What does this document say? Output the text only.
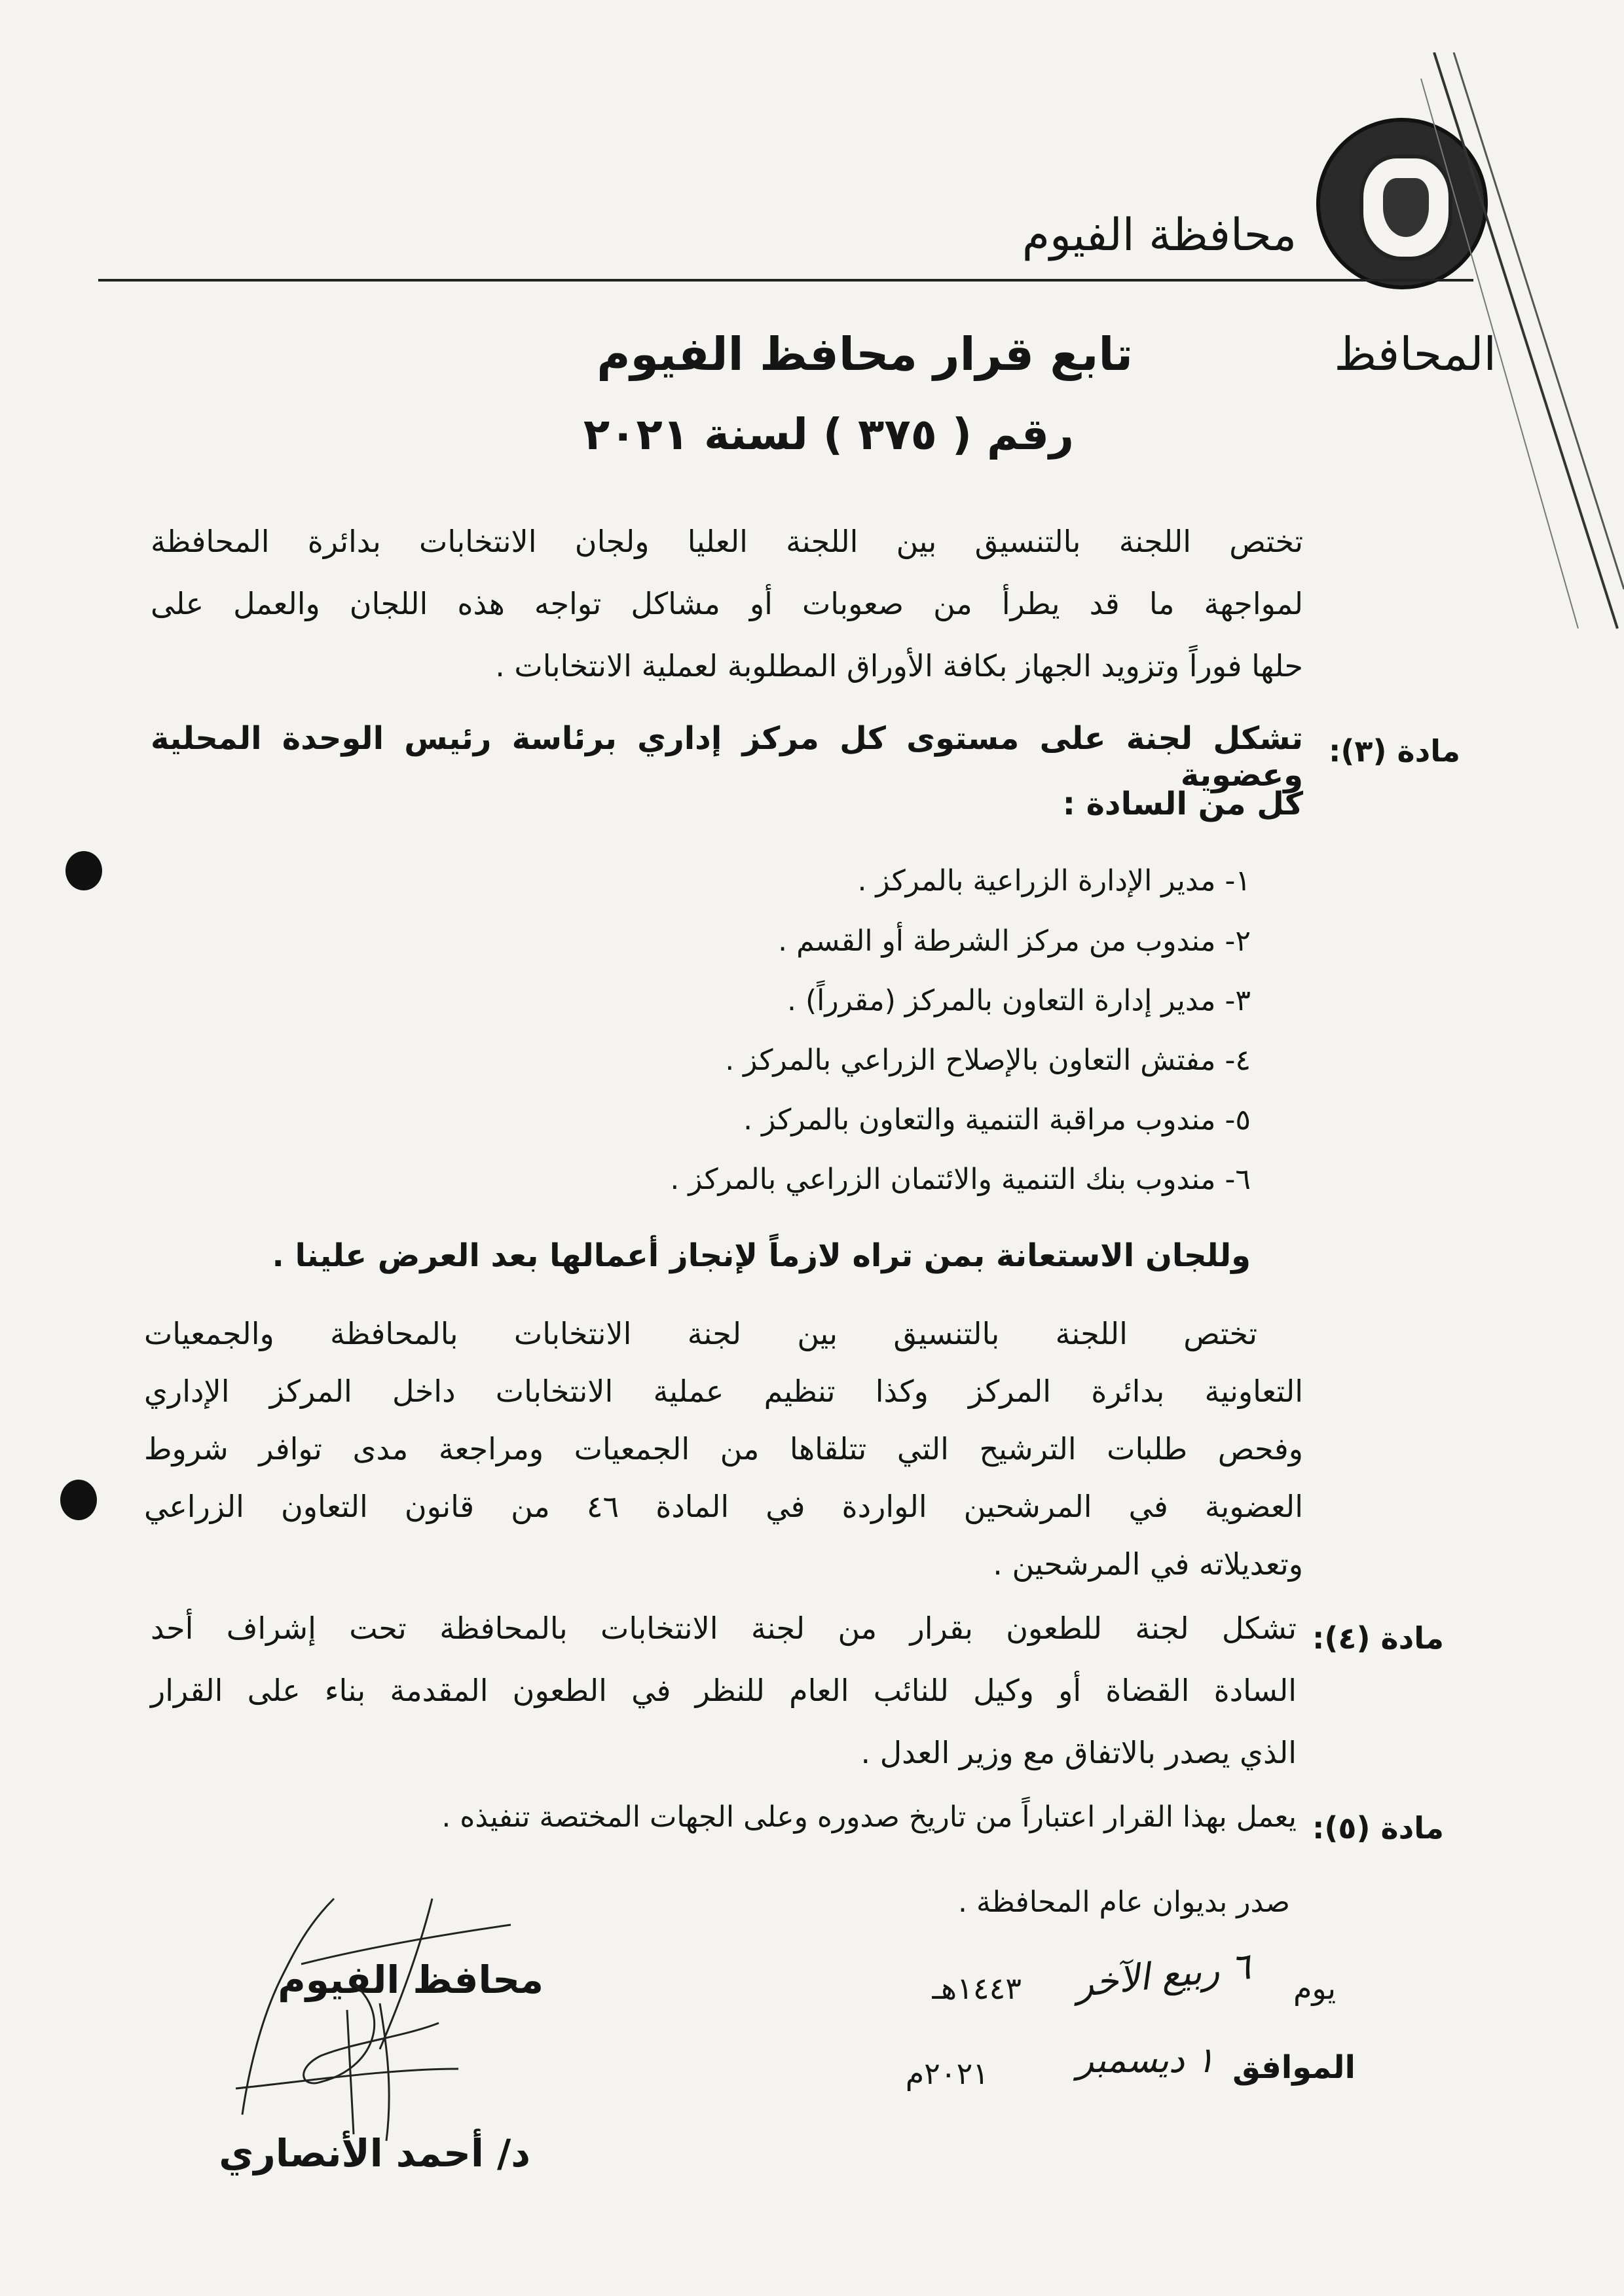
محافظة الفيوم
المحافظ
تابع قرار محافظ الفيوم
رقم ( ٣٧٥ ) لسنة ٢٠٢١
تختص اللجنة بالتنسيق بين اللجنة العليا ولجان الانتخابات بدائرة المحافظة
لمواجهة ما قد يطرأ من صعوبات أو مشاكل تواجه هذه اللجان والعمل على
حلها فوراً وتزويد الجهاز بكافة الأوراق المطلوبة لعملية الانتخابات .
مادة (٣):
تشكل لجنة على مستوى كل مركز إداري برئاسة رئيس الوحدة المحلية وعضوية
كل من السادة :
١- مدير الإدارة الزراعية بالمركز .
٢- مندوب من مركز الشرطة أو القسم .
٣- مدير إدارة التعاون بالمركز (مقرراً) .
٤- مفتش التعاون بالإصلاح الزراعي بالمركز .
٥- مندوب مراقبة التنمية والتعاون بالمركز .
٦- مندوب بنك التنمية والائتمان الزراعي بالمركز .
وللجان الاستعانة بمن تراه لازماً لإنجاز أعمالها بعد العرض علينا .
تختص اللجنة بالتنسيق بين لجنة الانتخابات بالمحافظة والجمعيات
التعاونية بدائرة المركز وكذا تنظيم عملية الانتخابات داخل المركز الإداري
وفحص طلبات الترشيح التي تتلقاها من الجمعيات ومراجعة مدى توافر شروط
العضوية في المرشحين الواردة في المادة ٤٦ من قانون التعاون الزراعي
وتعديلاته في المرشحين .
مادة (٤):
تشكل لجنة للطعون بقرار من لجنة الانتخابات بالمحافظة تحت إشراف أحد
السادة القضاة أو وكيل للنائب العام للنظر في الطعون المقدمة بناء على القرار
الذي يصدر بالاتفاق مع وزير العدل .
مادة (٥):
يعمل بهذا القرار اعتباراً من تاريخ صدوره وعلى الجهات المختصة تنفيذه .
صدر بديوان عام المحافظة .
يوم
٦ ربيع الآخر
١٤٤٣هـ
الموافق
١ ديسمبر
٢٠٢١م
محافظ الفيوم
د/ أحمد الأنصاري
